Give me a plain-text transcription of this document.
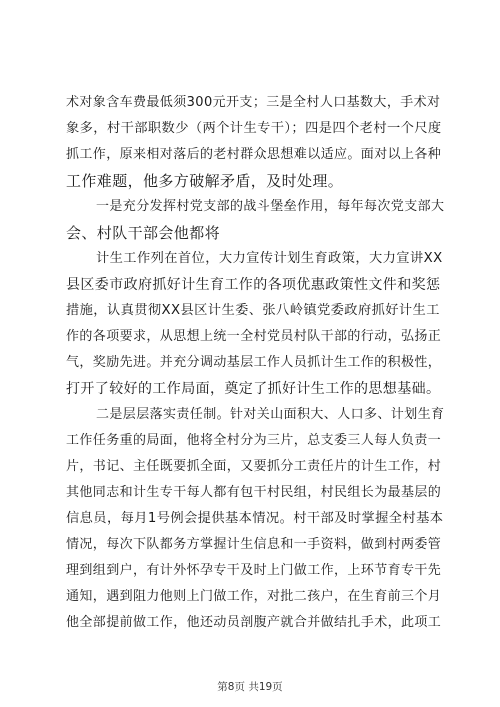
术对象含车费最低须300元开支；三是全村人口基数大，手术对
象多，村干部职数少（两个计生专干）；四是四个老村一个尺度
抓工作，原来相对落后的老村群众思想难以适应。面对以上各种
工作难题，他多方破解矛盾，及时处理。
一是充分发挥村党支部的战斗堡垒作用，每年每次党支部大
会、村队干部会他都将
计生工作列在首位，大力宣传计划生育政策，大力宣讲XX
县区委市政府抓好计生育工作的各项优惠政策性文件和奖惩
措施，认真贯彻XX县区计生委、张八岭镇党委政府抓好计生工
作的各项要求，从思想上统一全村党员村队干部的行动，弘扬正
气，奖励先进。并充分调动基层工作人员抓计生工作的积极性，
打开了较好的工作局面，奠定了抓好计生工作的思想基础。
二是层层落实责任制。针对关山面积大、人口多、计划生育
工作任务重的局面，他将全村分为三片，总支委三人每人负责一
片，书记、主任既要抓全面，又要抓分工责任片的计生工作，村
其他同志和计生专干每人都有包干村民组，村民组长为最基层的
信息员，每月1号例会提供基本情况。村干部及时掌握全村基本
情况，每次下队都务方掌握计生信息和一手资料，做到村两委管
理到组到户，有计外怀孕专干及时上门做工作，上环节育专干先
通知，遇到阻力他则上门做工作，对批二孩户，在生育前三个月
他全部提前做工作，他还动员剖腹产就合并做结扎手术，此项工
第8页 共19页
